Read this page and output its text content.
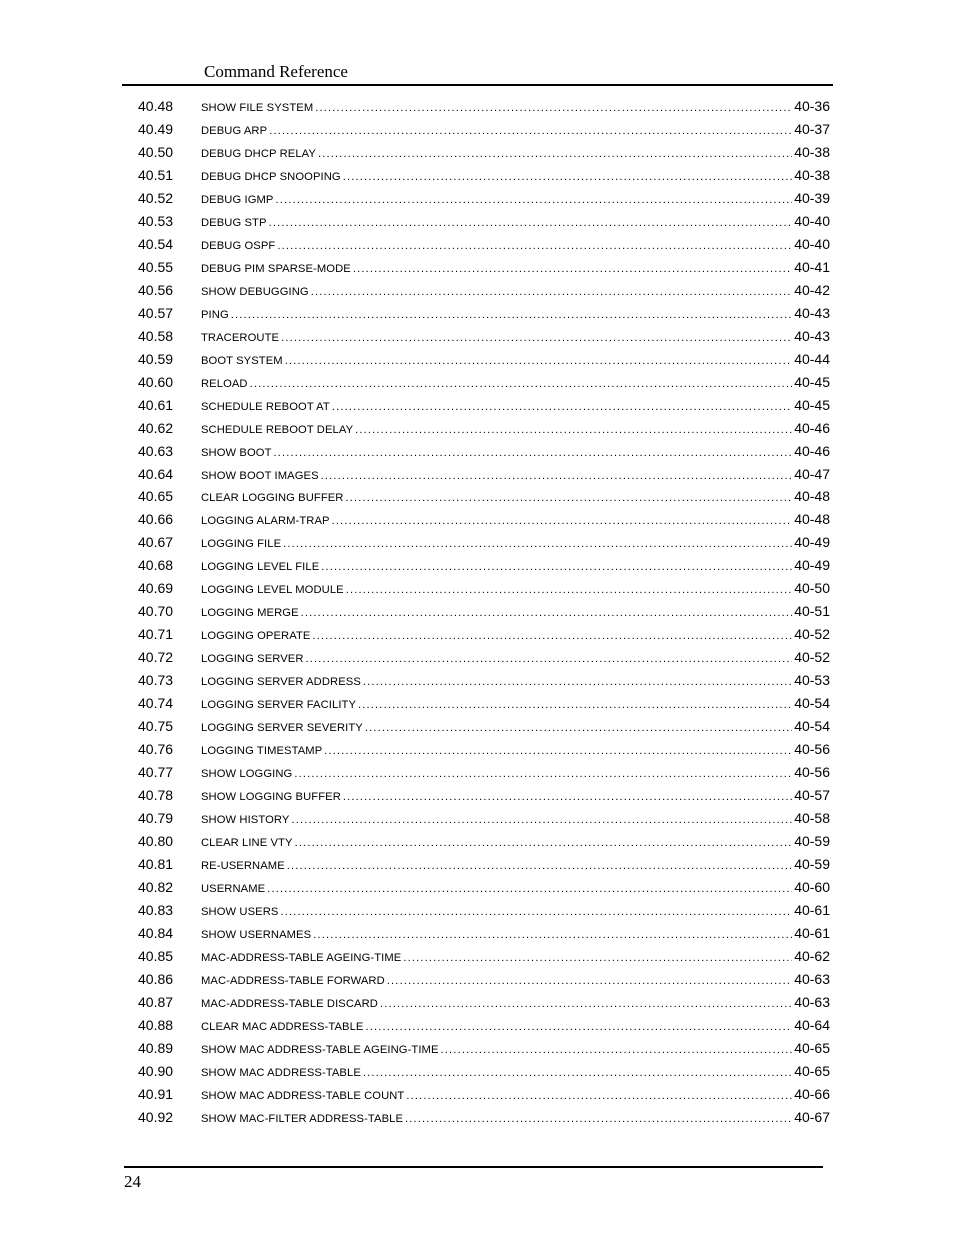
Command Reference
40.48	SHOW FILE SYSTEM .....	40-36
40.49	DEBUG ARP .....	40-37
40.50	DEBUG DHCP RELAY .....	40-38
40.51	DEBUG DHCP SNOOPING .....	40-38
40.52	DEBUG IGMP .....	40-39
40.53	DEBUG STP .....	40-40
40.54	DEBUG OSPF .....	40-40
40.55	DEBUG PIM SPARSE-MODE .....	40-41
40.56	SHOW DEBUGGING .....	40-42
40.57	PING .....	40-43
40.58	TRACEROUTE .....	40-43
40.59	BOOT SYSTEM .....	40-44
40.60	RELOAD .....	40-45
40.61	SCHEDULE REBOOT AT .....	40-45
40.62	SCHEDULE REBOOT DELAY .....	40-46
40.63	SHOW BOOT .....	40-46
40.64	SHOW BOOT IMAGES .....	40-47
40.65	CLEAR LOGGING BUFFER .....	40-48
40.66	LOGGING ALARM-TRAP .....	40-48
40.67	LOGGING FILE .....	40-49
40.68	LOGGING LEVEL FILE .....	40-49
40.69	LOGGING LEVEL MODULE .....	40-50
40.70	LOGGING MERGE .....	40-51
40.71	LOGGING OPERATE .....	40-52
40.72	LOGGING SERVER .....	40-52
40.73	LOGGING SERVER ADDRESS .....	40-53
40.74	LOGGING SERVER FACILITY .....	40-54
40.75	LOGGING SERVER SEVERITY .....	40-54
40.76	LOGGING TIMESTAMP .....	40-56
40.77	SHOW LOGGING .....	40-56
40.78	SHOW LOGGING BUFFER .....	40-57
40.79	SHOW HISTORY .....	40-58
40.80	CLEAR LINE VTY .....	40-59
40.81	RE-USERNAME .....	40-59
40.82	USERNAME .....	40-60
40.83	SHOW USERS .....	40-61
40.84	SHOW USERNAMES .....	40-61
40.85	MAC-ADDRESS-TABLE AGEING-TIME .....	40-62
40.86	MAC-ADDRESS-TABLE FORWARD .....	40-63
40.87	MAC-ADDRESS-TABLE DISCARD .....	40-63
40.88	CLEAR MAC ADDRESS-TABLE .....	40-64
40.89	SHOW MAC ADDRESS-TABLE AGEING-TIME .....	40-65
40.90	SHOW MAC ADDRESS-TABLE .....	40-65
40.91	SHOW MAC ADDRESS-TABLE COUNT .....	40-66
40.92	SHOW MAC-FILTER ADDRESS-TABLE .....	40-67
24
